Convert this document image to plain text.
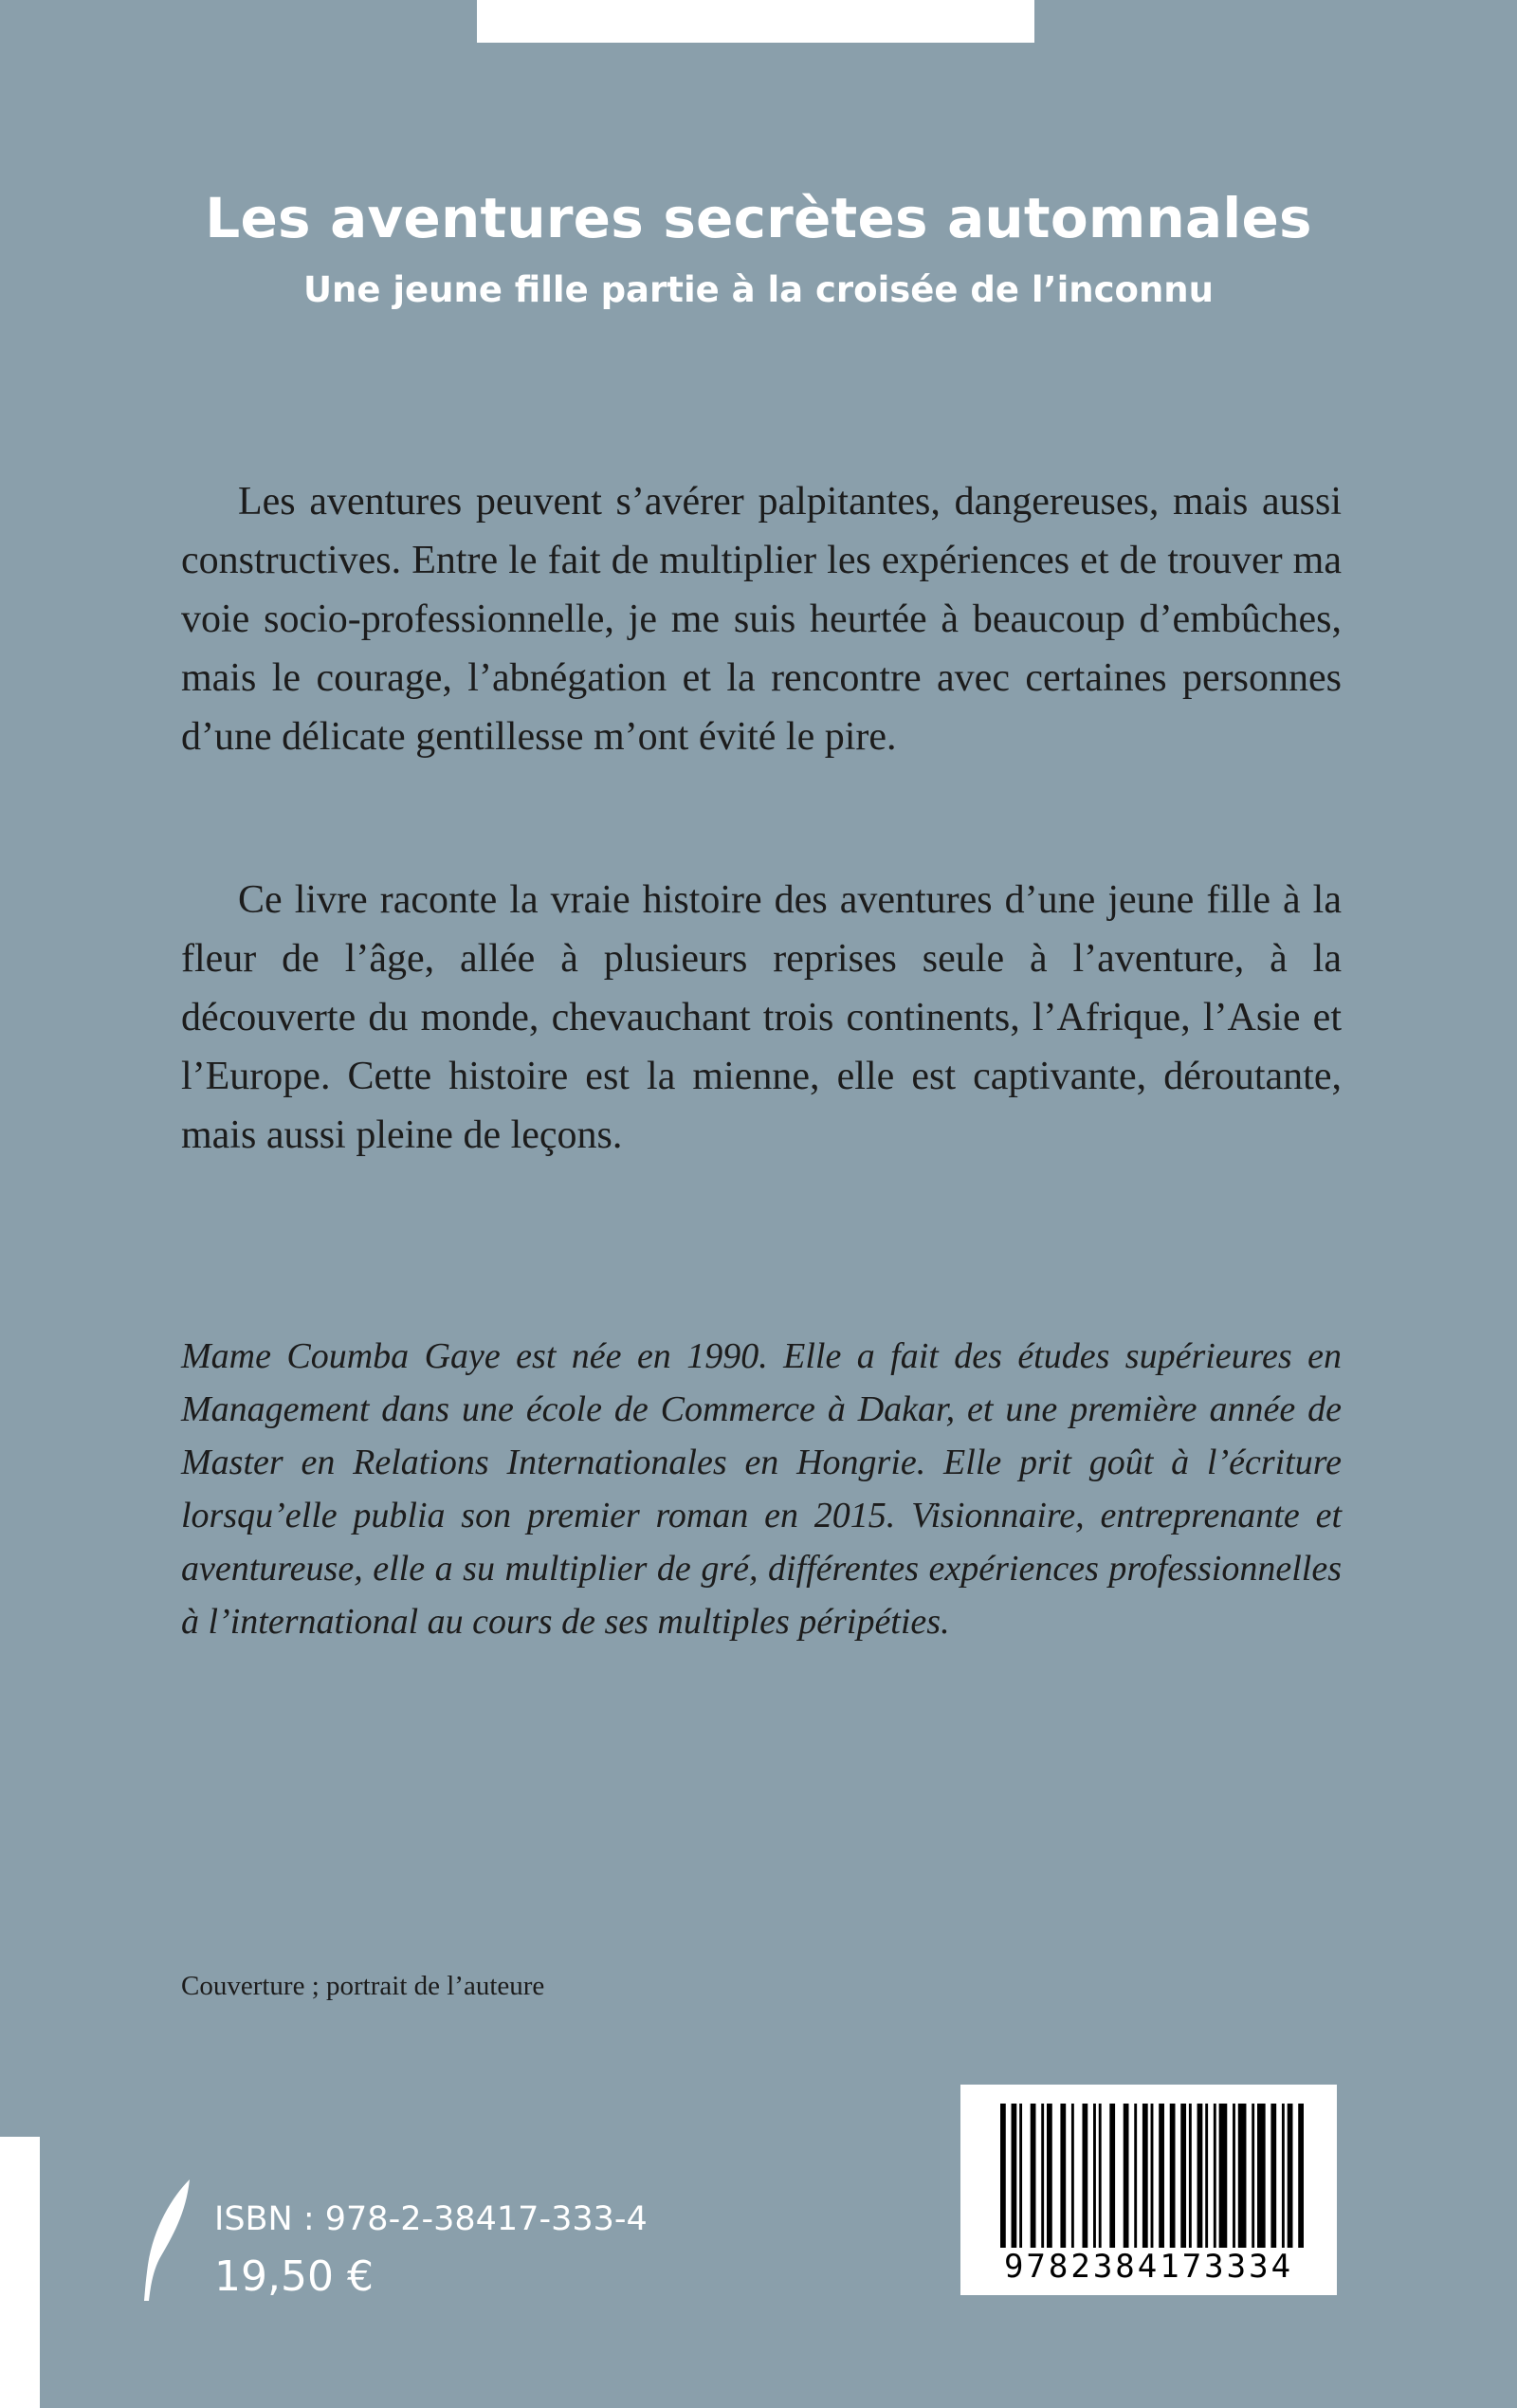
Les aventures secrètes automnales
Une jeune fille partie à la croisée de l’inconnu

Les aventures peuvent s’avérer palpitantes, dangereuses, mais aussi constructives. Entre le fait de multiplier les expériences et de trouver ma voie socio-professionnelle, je me suis heurtée à beaucoup d’embûches, mais le courage, l’abnégation et la rencontre avec certaines personnes d’une délicate gentillesse m’ont évité le pire.

Ce livre raconte la vraie histoire des aventures d’une jeune fille à la fleur de l’âge, allée à plusieurs reprises seule à l’aventure, à la découverte du monde, chevauchant trois continents, l’Afrique, l’Asie et l’Europe. Cette histoire est la mienne, elle est captivante, déroutante, mais aussi pleine de leçons.

Mame Coumba Gaye est née en 1990. Elle a fait des études supérieures en Management dans une école de Commerce à Dakar, et une première année de Master en Relations Internationales en Hongrie. Elle prit goût à l’écriture lorsqu’elle publia son premier roman en 2015. Visionnaire, entreprenante et aventureuse, elle a su multiplier de gré, différentes expériences professionnelles à l’international au cours de ses multiples péripéties.

Couverture ; portrait de l’auteure

ISBN : 978-2-38417-333-4

19,50 €	9782384173334
